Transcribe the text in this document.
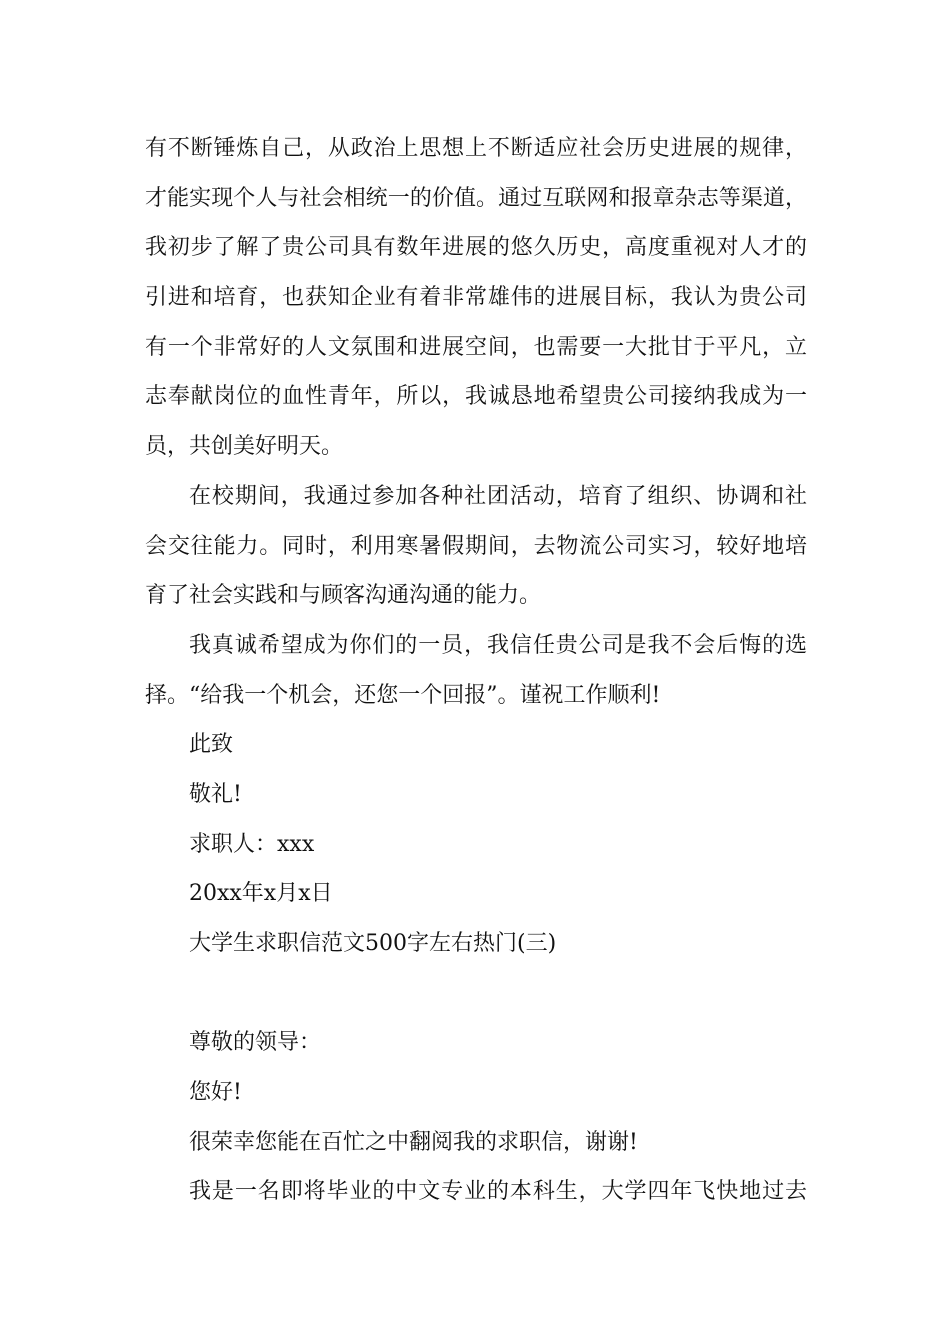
有不断锤炼自己，从政治上思想上不断适应社会历史进展的规律，
才能实现个人与社会相统一的价值。通过互联网和报章杂志等渠道，
我初步了解了贵公司具有数年进展的悠久历史，高度重视对人才的
引进和培育，也获知企业有着非常雄伟的进展目标，我认为贵公司
有一个非常好的人文氛围和进展空间，也需要一大批甘于平凡，立
志奉献岗位的血性青年，所以，我诚恳地希望贵公司接纳我成为一
员，共创美好明天。
在校期间，我通过参加各种社团活动，培育了组织、协调和社
会交往能力。同时，利用寒暑假期间，去物流公司实习，较好地培
育了社会实践和与顾客沟通沟通的能力。
我真诚希望成为你们的一员，我信任贵公司是我不会后悔的选
择。“给我一个机会，还您一个回报”。谨祝工作顺利!
此致
敬礼!
求职人：xxx
20xx年x月x日
大学生求职信范文500字左右热门(三)
尊敬的领导：
您好!
很荣幸您能在百忙之中翻阅我的求职信，谢谢!
我是一名即将毕业的中文专业的本科生，大学四年飞快地过去
